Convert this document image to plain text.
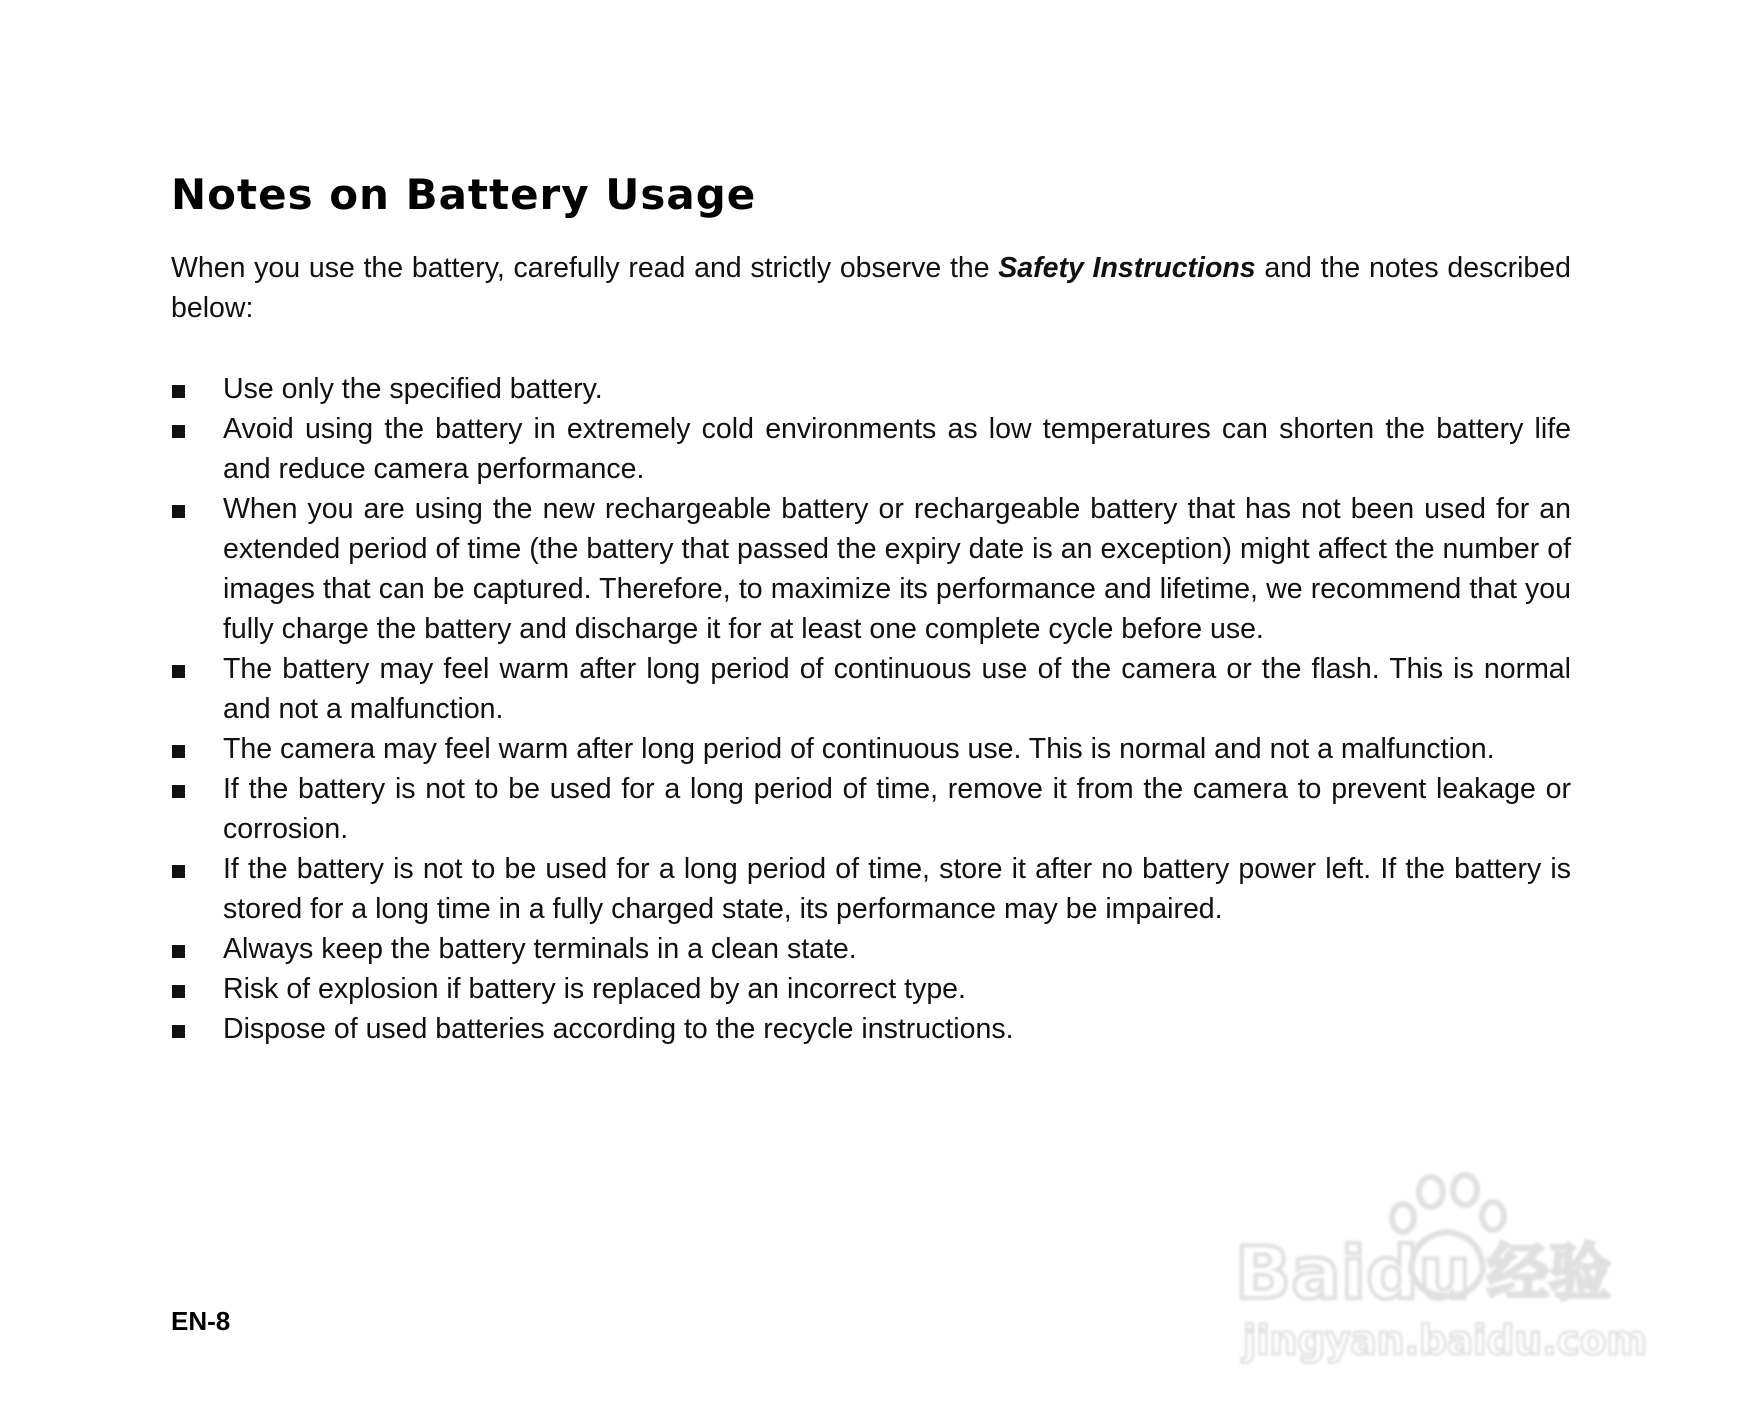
Notes on Battery Usage

When you use the battery, carefully read and strictly observe the Safety Instructions and the notes described below:

Use only the specified battery.
Avoid using the battery in extremely cold environments as low temperatures can shorten the battery life and reduce camera performance.
When you are using the new rechargeable battery or rechargeable battery that has not been used for an extended period of time (the battery that passed the expiry date is an exception) might affect the number of images that can be captured. Therefore, to maximize its performance and lifetime, we recommend that you fully charge the battery and discharge it for at least one complete cycle before use.
The battery may feel warm after long period of continuous use of the camera or the flash. This is normal and not a malfunction.
The camera may feel warm after long period of continuous use. This is normal and not a malfunction.
If the battery is not to be used for a long period of time, remove it from the camera to prevent leakage or corrosion.
If the battery is not to be used for a long period of time, store it after no battery power left. If the battery is stored for a long time in a fully charged state, its performance may be impaired.
Always keep the battery terminals in a clean state.
Risk of explosion if battery is replaced by an incorrect type.
Dispose of used batteries according to the recycle instructions.
EN-8
Baidu 经验
jingyan.baidu.com
